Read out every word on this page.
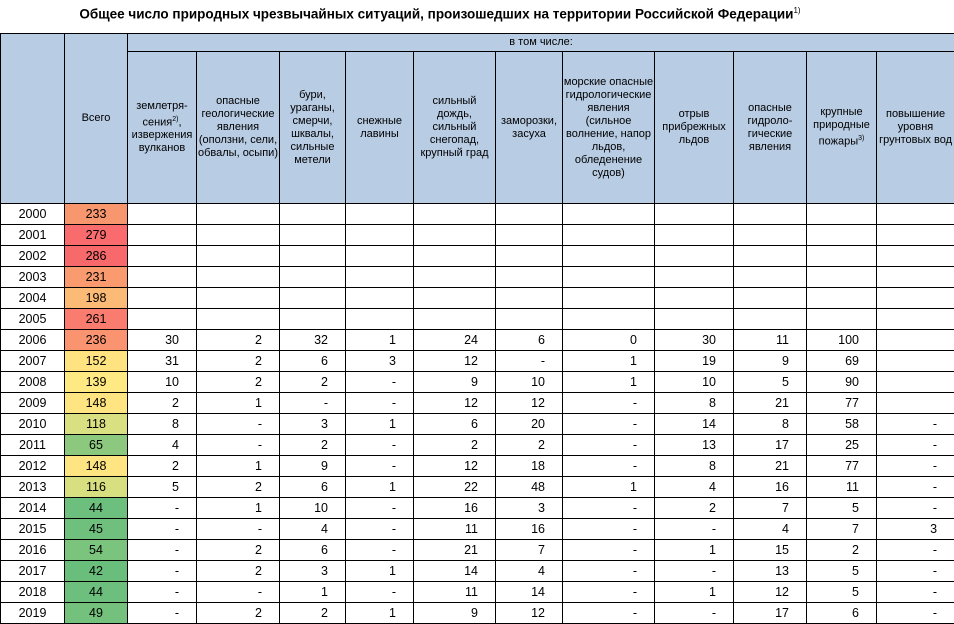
Общее число природных чрезвычайных ситуаций, произошедших на территории Российской Федерации$^{1)}$
	Всего	в том числе:										
		землетря-сения$^{2)}$, извержения вулканов	опасные геологические явления (оползни, сели, обвалы, осыпи)	бури, ураганы, смерчи, шквалы, сильные метели	снежные лавины	сильный дождь, сильный снегопад, крупный град	заморозки, засуха	морские опасные гидрологические явления (сильное волнение, напор льдов, обледенение судов)	отрыв прибрежных льдов	опасные гидроло-гические явления	крупные природные пожары$^{3)}$	повышение уровня грунтовых вод
2000	233											
2001	279											
2002	286											
2003	231											
2004	198											
2005	261											
2006	236	30	2	32	1	24	6	0	30	11	100	
2007	152	31	2	6	3	12	-	1	19	9	69	
2008	139	10	2	2	-	9	10	1	10	5	90	
2009	148	2	1	-	-	12	12	-	8	21	77	
2010	118	8	-	3	1	6	20	-	14	8	58	-
2011	65	4	-	2	-	2	2	-	13	17	25	-
2012	148	2	1	9	-	12	18	-	8	21	77	-
2013	116	5	2	6	1	22	48	1	4	16	11	-
2014	44	-	1	10	-	16	3	-	2	7	5	-
2015	45	-	-	4	-	11	16	-	-	4	7	3
2016	54	-	2	6	-	21	7	-	1	15	2	-
2017	42	-	2	3	1	14	4	-	-	13	5	-
2018	44	-	-	1	-	11	14	-	1	12	5	-
2019	49	-	2	2	1	9	12	-	-	17	6	-
